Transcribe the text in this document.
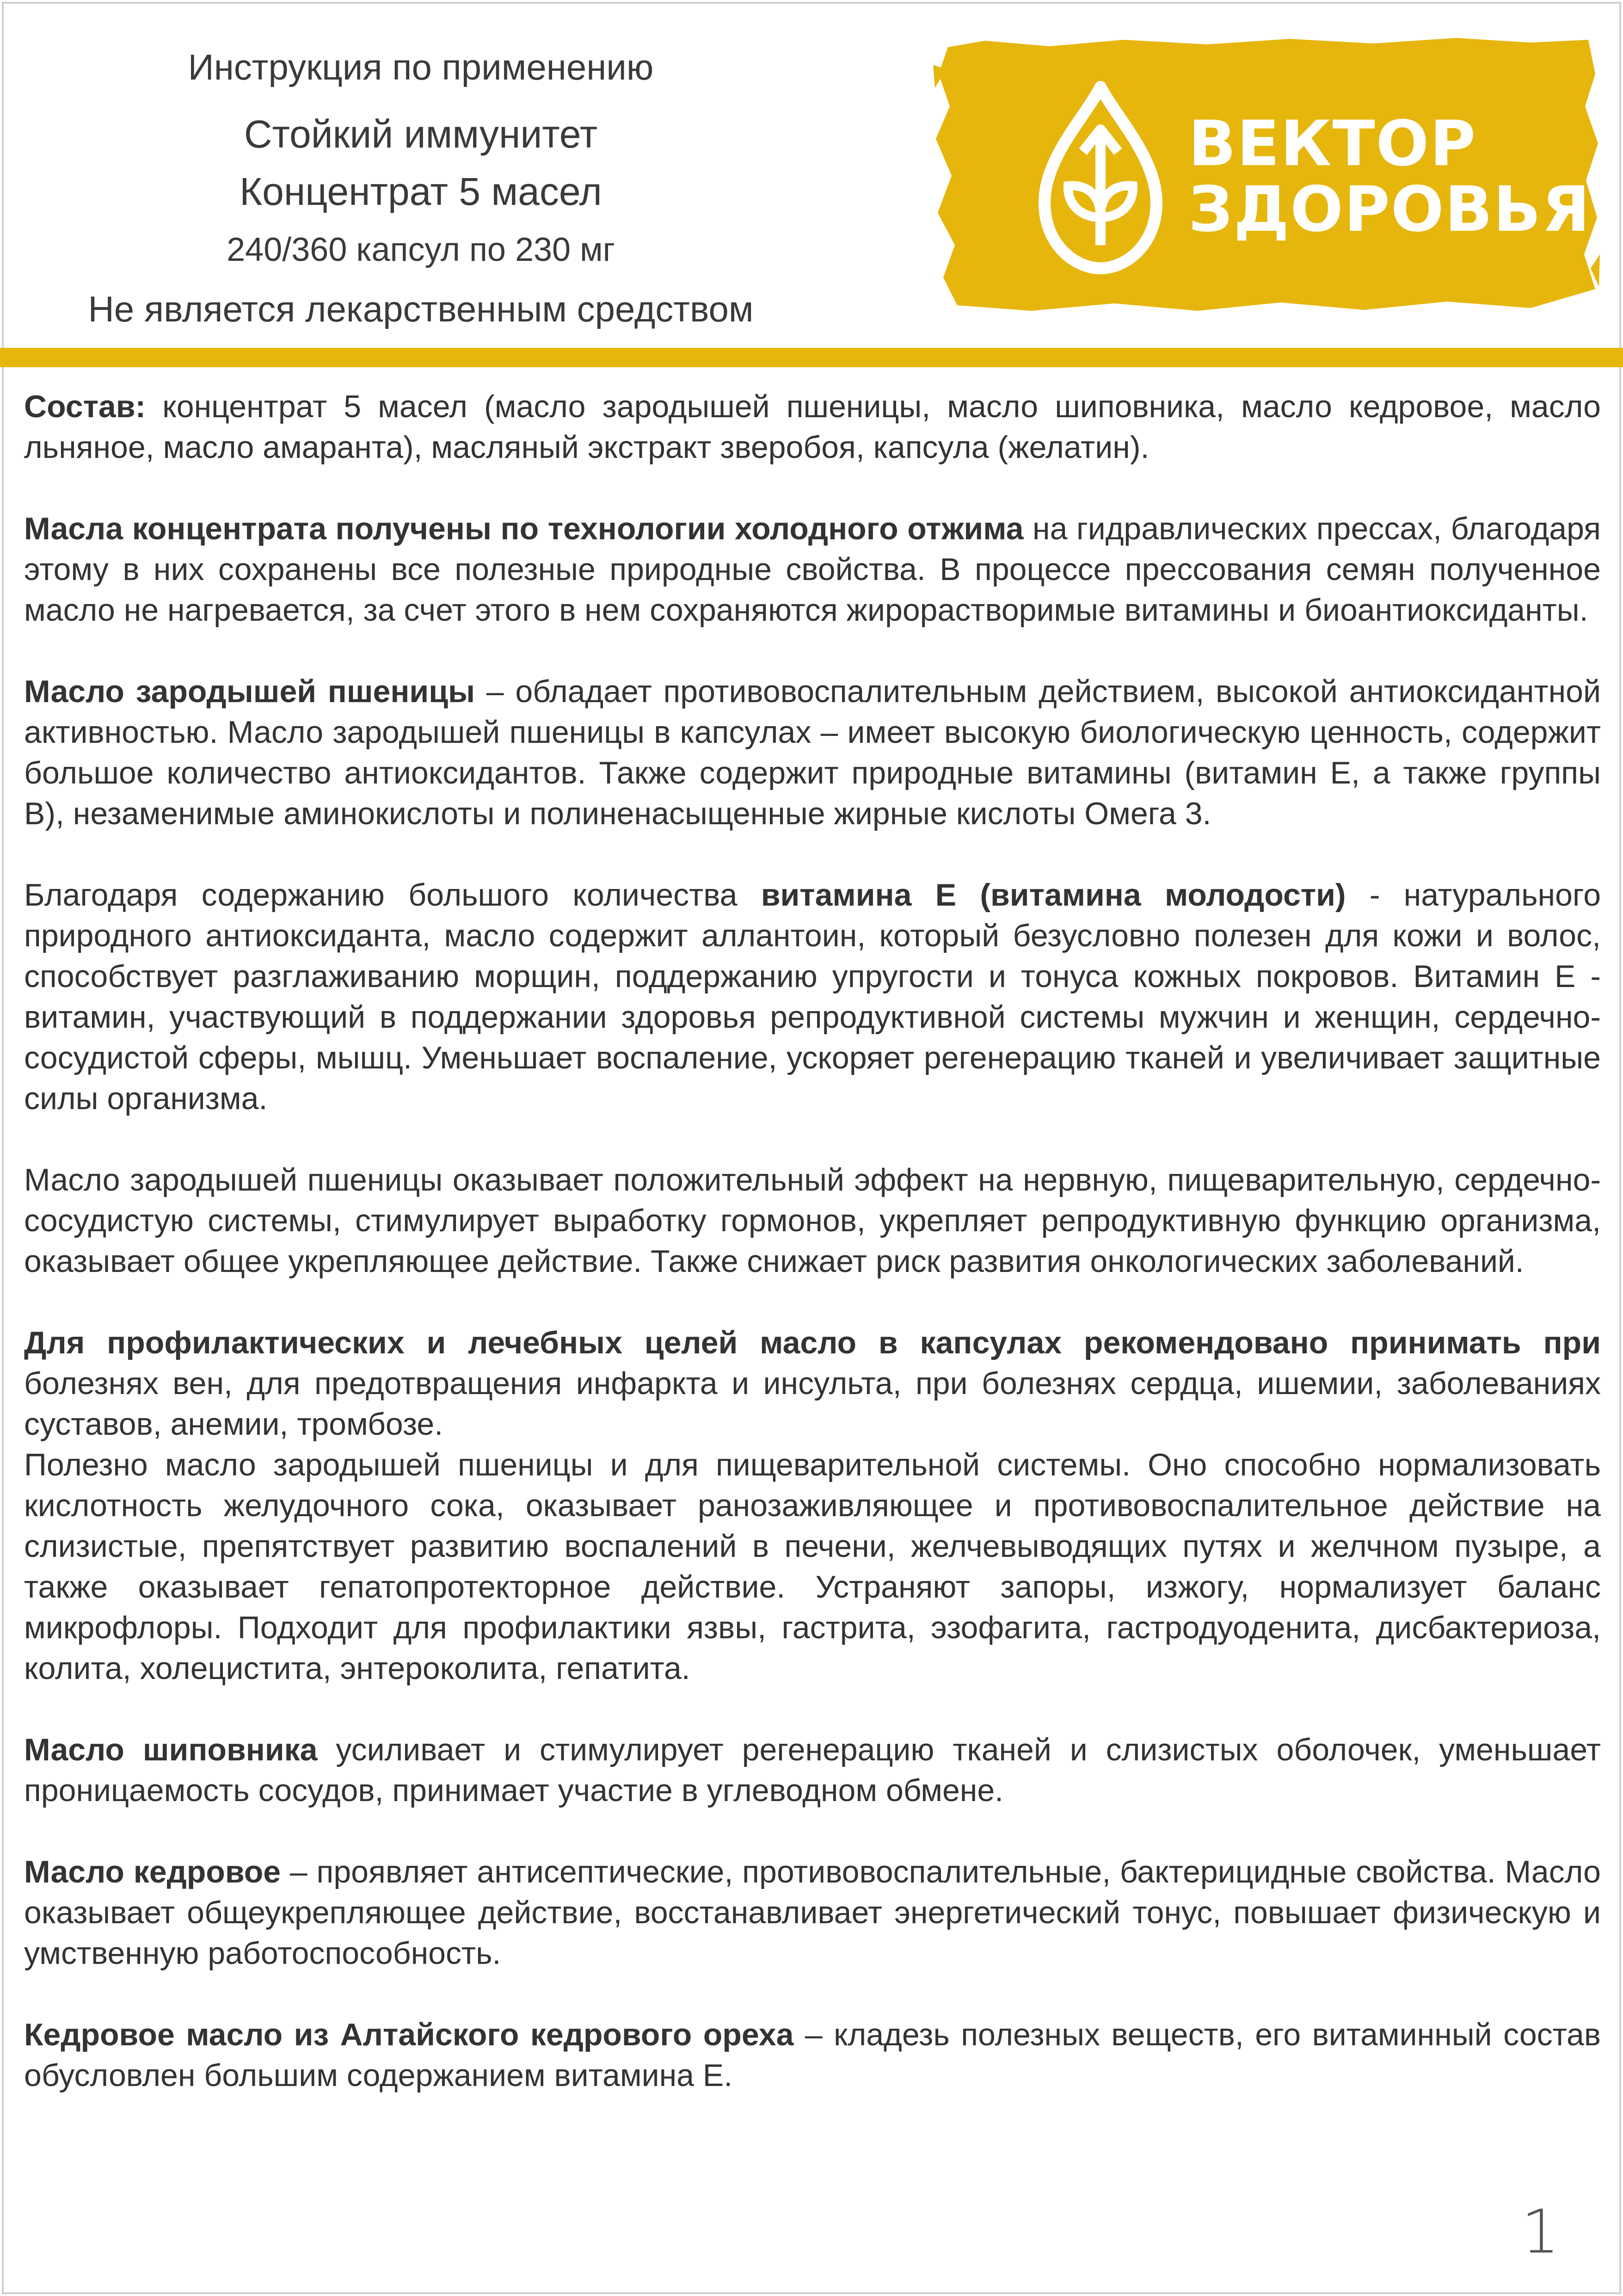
Инструкция по применению
Стойкий иммунитет
Концентрат 5 масел
240/360 капсул по 230 мг
Не является лекарственным средством
ВЕКТОР
ЗДОРОВЬЯ

Состав: концентрат 5 масел (масло зародышей пшеницы, масло шиповника, масло кедровое, масло льняное, масло амаранта), масляный экстракт зверобоя, капсула (желатин).

Масла концентрата получены по технологии холодного отжима на гидравлических прессах, благодаря этому в них сохранены все полезные природные свойства. В процессе прессования семян полученное масло не нагревается, за счет этого в нем сохраняются жирорастворимые витамины и биоантиоксиданты.

Масло зародышей пшеницы – обладает противовоспалительным действием, высокой антиоксидантной активностью. Масло зародышей пшеницы в капсулах – имеет высокую биологическую ценность, содержит большое количество антиоксидантов. Также содержит природные витамины (витамин Е, а также группы В), незаменимые аминокислоты и полиненасыщенные жирные кислоты Омега 3.

Благодаря содержанию большого количества витамина Е (витамина молодости) - натурального природного антиоксиданта, масло содержит аллантоин, который безусловно полезен для кожи и волос, способствует разглаживанию морщин, поддержанию упругости и тонуса кожных покровов. Витамин Е - витамин, участвующий в поддержании здоровья репродуктивной системы мужчин и женщин, сердечно-сосудистой сферы, мышц. Уменьшает воспаление, ускоряет регенерацию тканей и увеличивает защитные силы организма.

Масло зародышей пшеницы оказывает положительный эффект на нервную, пищеварительную, сердечно-сосудистую системы, стимулирует выработку гормонов, укрепляет репродуктивную функцию организма, оказывает общее укрепляющее действие. Также снижает риск развития онкологических заболеваний.

Для профилактических и лечебных целей масло в капсулах рекомендовано принимать при болезнях вен, для предотвращения инфаркта и инсульта, при болезнях сердца, ишемии, заболеваниях суставов, анемии, тромбозе.

Полезно масло зародышей пшеницы и для пищеварительной системы. Оно способно нормализовать кислотность желудочного сока, оказывает ранозаживляющее и противовоспалительное действие на слизистые, препятствует развитию воспалений в печени, желчевыводящих путях и желчном пузыре, а также оказывает гепатопротекторное действие. Устраняют запоры, изжогу, нормализует баланс микрофлоры. Подходит для профилактики язвы, гастрита, эзофагита, гастродуоденита, дисбактериоза, колита, холецистита, энтероколита, гепатита.

Масло шиповника усиливает и стимулирует регенерацию тканей и слизистых оболочек, уменьшает проницаемость сосудов, принимает участие в углеводном обмене.

Масло кедровое – проявляет антисептические, противовоспалительные, бактерицидные свойства. Масло оказывает общеукрепляющее действие, восстанавливает энергетический тонус, повышает физическую и умственную работоспособность.

Кедровое масло из Алтайского кедрового ореха – кладезь полезных веществ, его витаминный состав обусловлен большим содержанием витамина Е.

1
